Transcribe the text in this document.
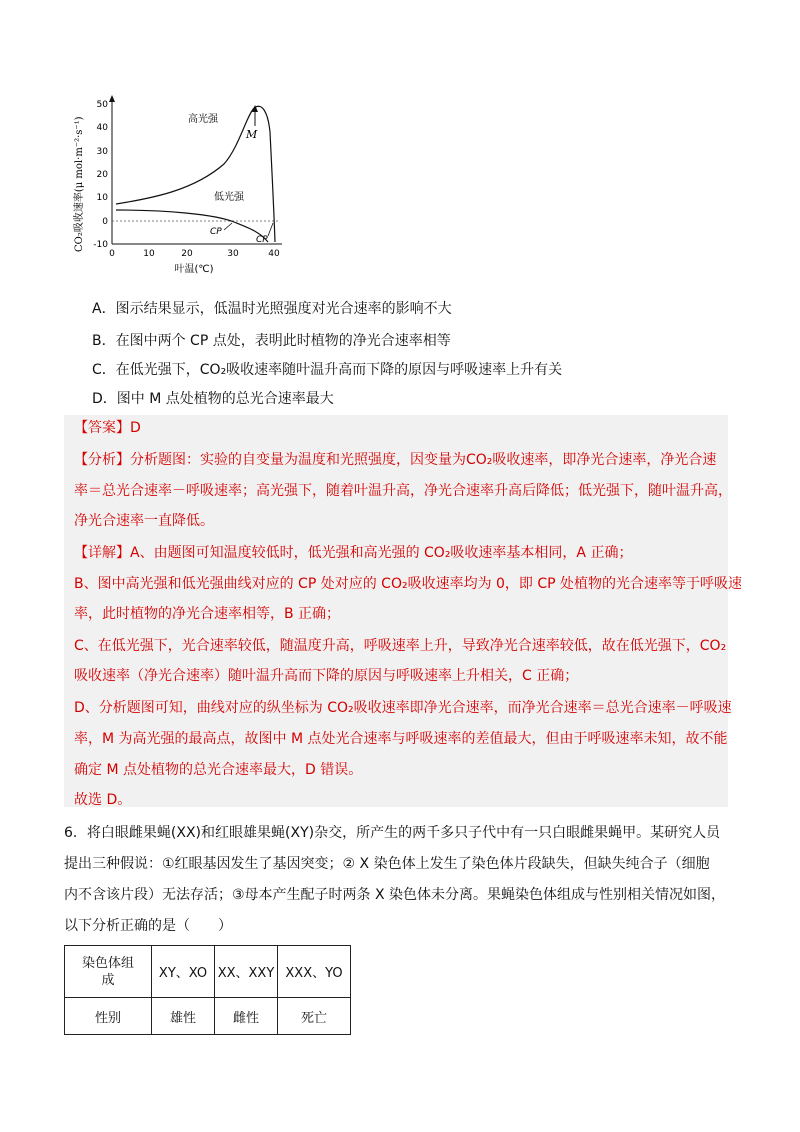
CO₂吸收速率(μ mol·m⁻²·s⁻¹)
50
40
30
20
10
0
-10
0	10	20	30	40
叶温(℃)
高光强
低光强
M
CP
CP
A．图示结果显示，低温时光照强度对光合速率的影响不大
B．在图中两个 CP 点处，表明此时植物的净光合速率相等
C．在低光强下，CO₂吸收速率随叶温升高而下降的原因与呼吸速率上升有关
D．图中 M 点处植物的总光合速率最大
【答案】D
【分析】分析题图：实验的自变量为温度和光照强度，因变量为CO₂吸收速率，即净光合速率，净光合速
率＝总光合速率－呼吸速率；高光强下，随着叶温升高，净光合速率升高后降低；低光强下，随叶温升高，
净光合速率一直降低。
【详解】A、由题图可知温度较低时，低光强和高光强的 CO₂吸收速率基本相同，A 正确；
B、图中高光强和低光强曲线对应的 CP 处对应的 CO₂吸收速率均为 0，即 CP 处植物的光合速率等于呼吸速
率，此时植物的净光合速率相等，B 正确；
C、在低光强下，光合速率较低，随温度升高，呼吸速率上升，导致净光合速率较低，故在低光强下，CO₂
吸收速率（净光合速率）随叶温升高而下降的原因与呼吸速率上升相关，C 正确；
D、分析题图可知，曲线对应的纵坐标为 CO₂吸收速率即净光合速率，而净光合速率＝总光合速率－呼吸速
率，M 为高光强的最高点，故图中 M 点处光合速率与呼吸速率的差值最大，但由于呼吸速率未知，故不能
确定 M 点处植物的总光合速率最大，D 错误。
故选 D。
6．将白眼雌果蝇(XX)和红眼雄果蝇(XY)杂交，所产生的两千多只子代中有一只白眼雌果蝇甲。某研究人员
提出三种假说：①红眼基因发生了基因突变；② X 染色体上发生了染色体片段缺失，但缺失纯合子（细胞
内不含该片段）无法存活；③母本产生配子时两条 X 染色体未分离。果蝇染色体组成与性别相关情况如图，
以下分析正确的是（　　）
染色体组
成	XY、XO	XX、XXY	XXX、YO
性别	雄性	雌性	死亡
